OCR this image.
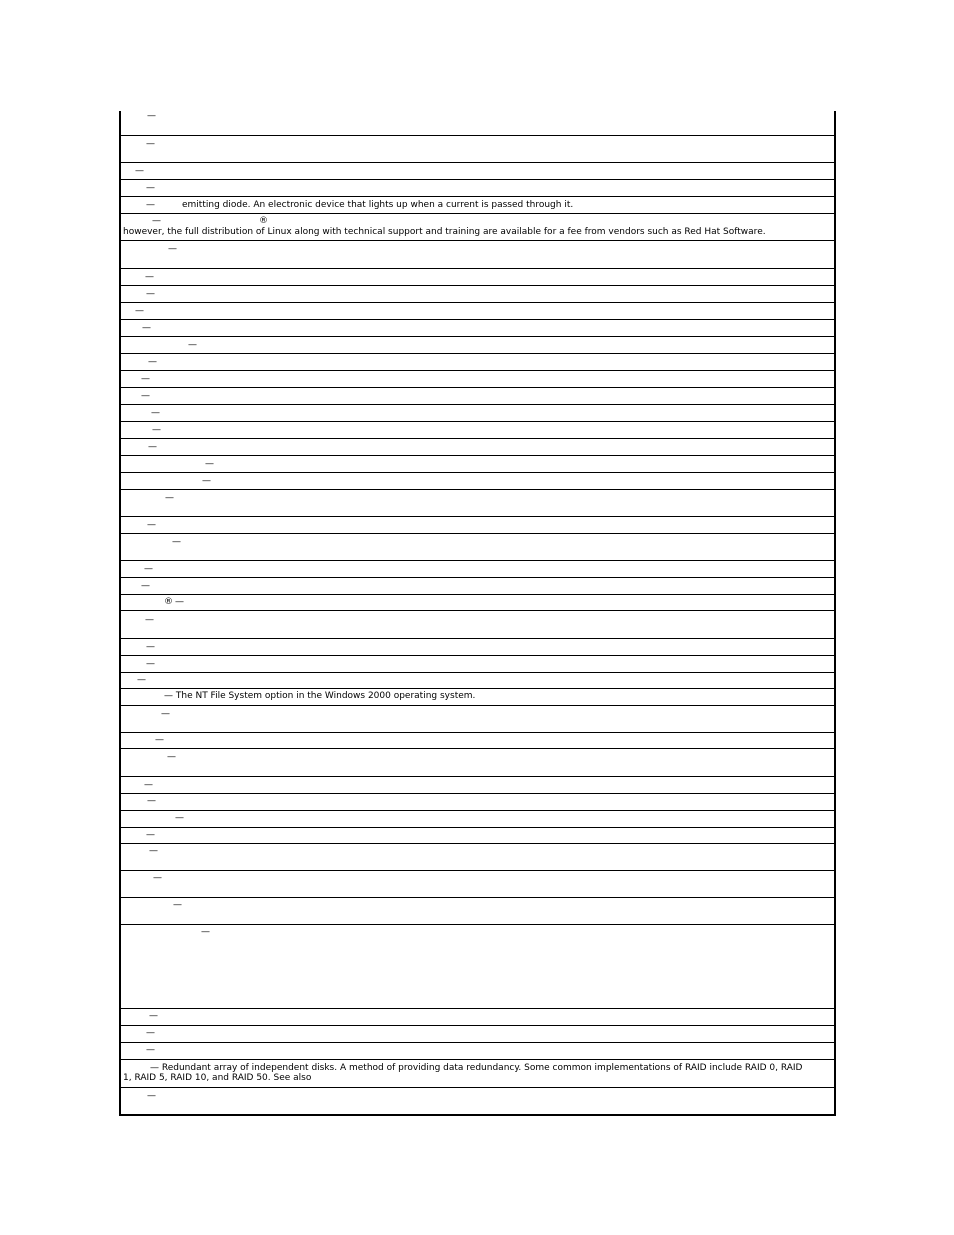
—
—
—
—
—	emitting diode. An electronic device that lights up when a current is passed through it.
—	®
however, the full distribution of Linux along with technical support and training are available for a fee from vendors such as Red Hat Software.
—
—
—
—
—
—
—
—
—
—
—
—
—
—
—
—
—
—
—
® —
—
—
—
—
— The NT File System option in the Windows 2000 operating system.
—
—
—
—
—
—
—
—
—
—
—
—
—
—
— Redundant array of independent disks. A method of providing data redundancy. Some common implementations of RAID include RAID 0, RAID 1, RAID 5, RAID 10, and RAID 50. See also
—
